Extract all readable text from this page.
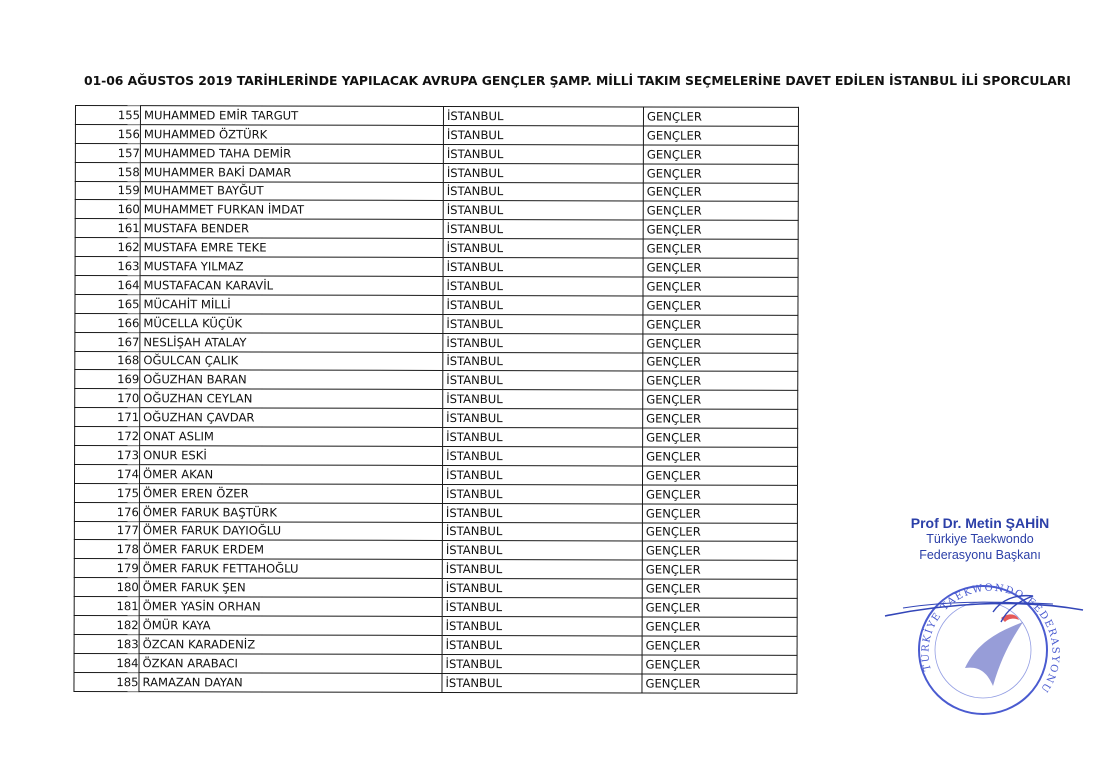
01-06 AĞUSTOS 2019 TARİHLERİNDE YAPILACAK AVRUPA GENÇLER ŞAMP. MİLLİ TAKIM SEÇMELERİNE DAVET EDİLEN İSTANBUL İLİ SPORCULARI
155	MUHAMMED EMİR TARGUT	İSTANBUL	GENÇLER
156	MUHAMMED ÖZTÜRK	İSTANBUL	GENÇLER
157	MUHAMMED TAHA DEMİR	İSTANBUL	GENÇLER
158	MUHAMMER BAKİ DAMAR	İSTANBUL	GENÇLER
159	MUHAMMET BAYĞUT	İSTANBUL	GENÇLER
160	MUHAMMET FURKAN İMDAT	İSTANBUL	GENÇLER
161	MUSTAFA BENDER	İSTANBUL	GENÇLER
162	MUSTAFA EMRE TEKE	İSTANBUL	GENÇLER
163	MUSTAFA YILMAZ	İSTANBUL	GENÇLER
164	MUSTAFACAN KARAVİL	İSTANBUL	GENÇLER
165	MÜCAHİT MİLLİ	İSTANBUL	GENÇLER
166	MÜCELLA KÜÇÜK	İSTANBUL	GENÇLER
167	NESLİŞAH ATALAY	İSTANBUL	GENÇLER
168	OĞULCAN ÇALIK	İSTANBUL	GENÇLER
169	OĞUZHAN BARAN	İSTANBUL	GENÇLER
170	OĞUZHAN CEYLAN	İSTANBUL	GENÇLER
171	OĞUZHAN ÇAVDAR	İSTANBUL	GENÇLER
172	ONAT ASLIM	İSTANBUL	GENÇLER
173	ONUR ESKİ	İSTANBUL	GENÇLER
174	ÖMER AKAN	İSTANBUL	GENÇLER
175	ÖMER EREN ÖZER	İSTANBUL	GENÇLER
176	ÖMER FARUK BAŞTÜRK	İSTANBUL	GENÇLER
177	ÖMER FARUK DAYIOĞLU	İSTANBUL	GENÇLER
178	ÖMER FARUK ERDEM	İSTANBUL	GENÇLER
179	ÖMER FARUK FETTAHOĞLU	İSTANBUL	GENÇLER
180	ÖMER FARUK ŞEN	İSTANBUL	GENÇLER
181	ÖMER YASİN ORHAN	İSTANBUL	GENÇLER
182	ÖMÜR KAYA	İSTANBUL	GENÇLER
183	ÖZCAN KARADENİZ	İSTANBUL	GENÇLER
184	ÖZKAN ARABACI	İSTANBUL	GENÇLER
185	RAMAZAN DAYAN	İSTANBUL	GENÇLER
Prof Dr. Metin ŞAHİN
Türkiye Taekwondo
Federasyonu Başkanı
TÜRKİYE TAEKWONDO FEDERASYONU
